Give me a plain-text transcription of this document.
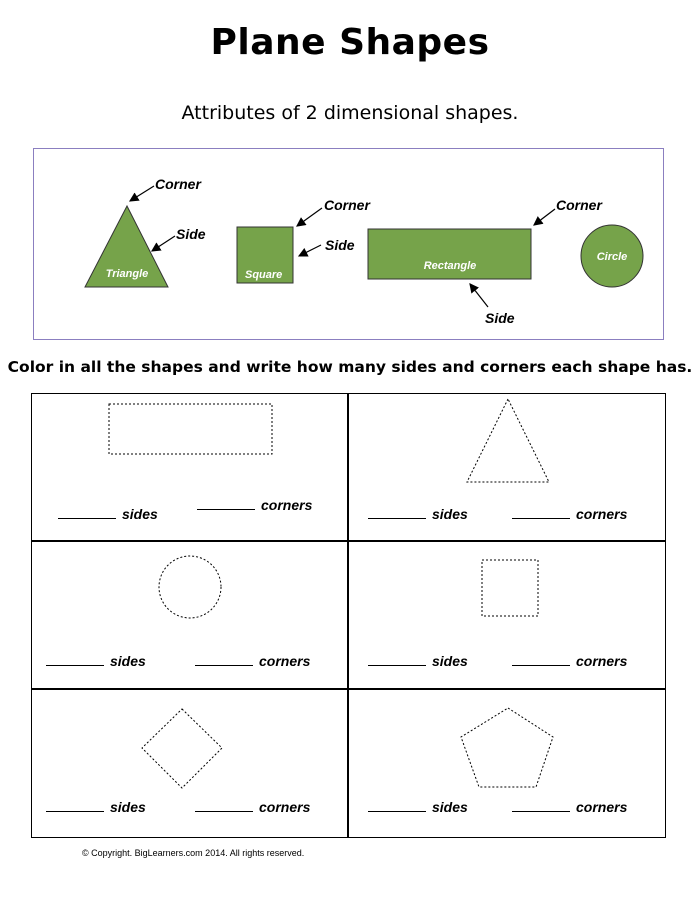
Plane Shapes
Attributes of 2 dimensional shapes.
Triangle
Corner
Side
Square
Corner
Side
Rectangle
Corner
Side
Circle
Color in all the shapes and write how many sides and corners each shape has.
sides
corners
sides	corners
sides	corners	sides	corners
sides	corners	sides	corners
© Copyright. BigLearners.com 2014. All rights reserved.
